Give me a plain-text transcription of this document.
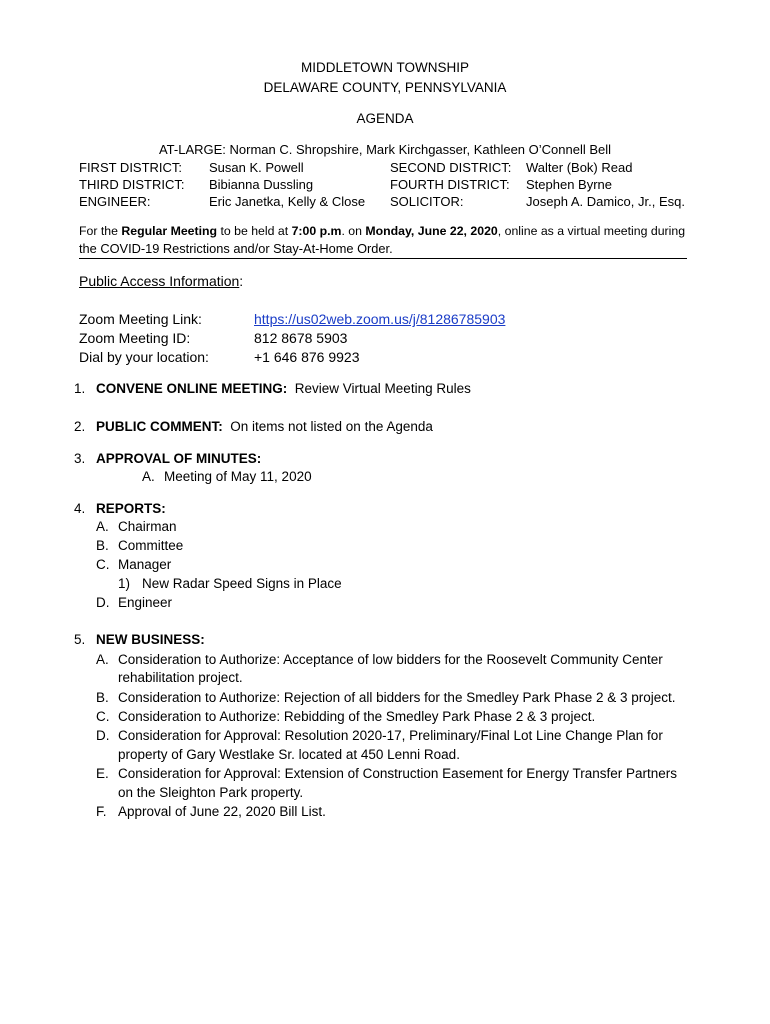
MIDDLETOWN TOWNSHIP
DELAWARE COUNTY, PENNSYLVANIA
AGENDA
AT-LARGE: Norman C. Shropshire, Mark Kirchgasser, Kathleen O’Connell Bell
FIRST DISTRICT: Susan K. Powell	SECOND DISTRICT: Walter (Bok) Read
THIRD DISTRICT: Bibianna Dussling	FOURTH DISTRICT: Stephen Byrne
ENGINEER:	Eric Janetka, Kelly & Close SOLICITOR:	Joseph A. Damico, Jr., Esq.
For the Regular Meeting to be held at 7:00 p.m. on Monday, June 22, 2020, online as a virtual meeting during
the COVID-19 Restrictions and/or Stay-At-Home Order.
Public Access Information:
Zoom Meeting Link:	https://us02web.zoom.us/j/81286785903
Zoom Meeting ID:	812 8678 5903
Dial by your location:	+1 646 876 9923
1. CONVENE ONLINE MEETING:  Review Virtual Meeting Rules
2. PUBLIC COMMENT:  On items not listed on the Agenda
3. APPROVAL OF MINUTES:
A. Meeting of May 11, 2020
4. REPORTS:
A. Chairman
B. Committee
C. Manager
1) New Radar Speed Signs in Place
D. Engineer
5. NEW BUSINESS:
A. Consideration to Authorize: Acceptance of low bidders for the Roosevelt Community Center
rehabilitation project.
B. Consideration to Authorize: Rejection of all bidders for the Smedley Park Phase 2 & 3 project.
C. Consideration to Authorize: Rebidding of the Smedley Park Phase 2 & 3 project.
D. Consideration for Approval: Resolution 2020-17, Preliminary/Final Lot Line Change Plan for
property of Gary Westlake Sr. located at 450 Lenni Road.
E. Consideration for Approval: Extension of Construction Easement for Energy Transfer Partners
on the Sleighton Park property.
F. Approval of June 22, 2020 Bill List.
